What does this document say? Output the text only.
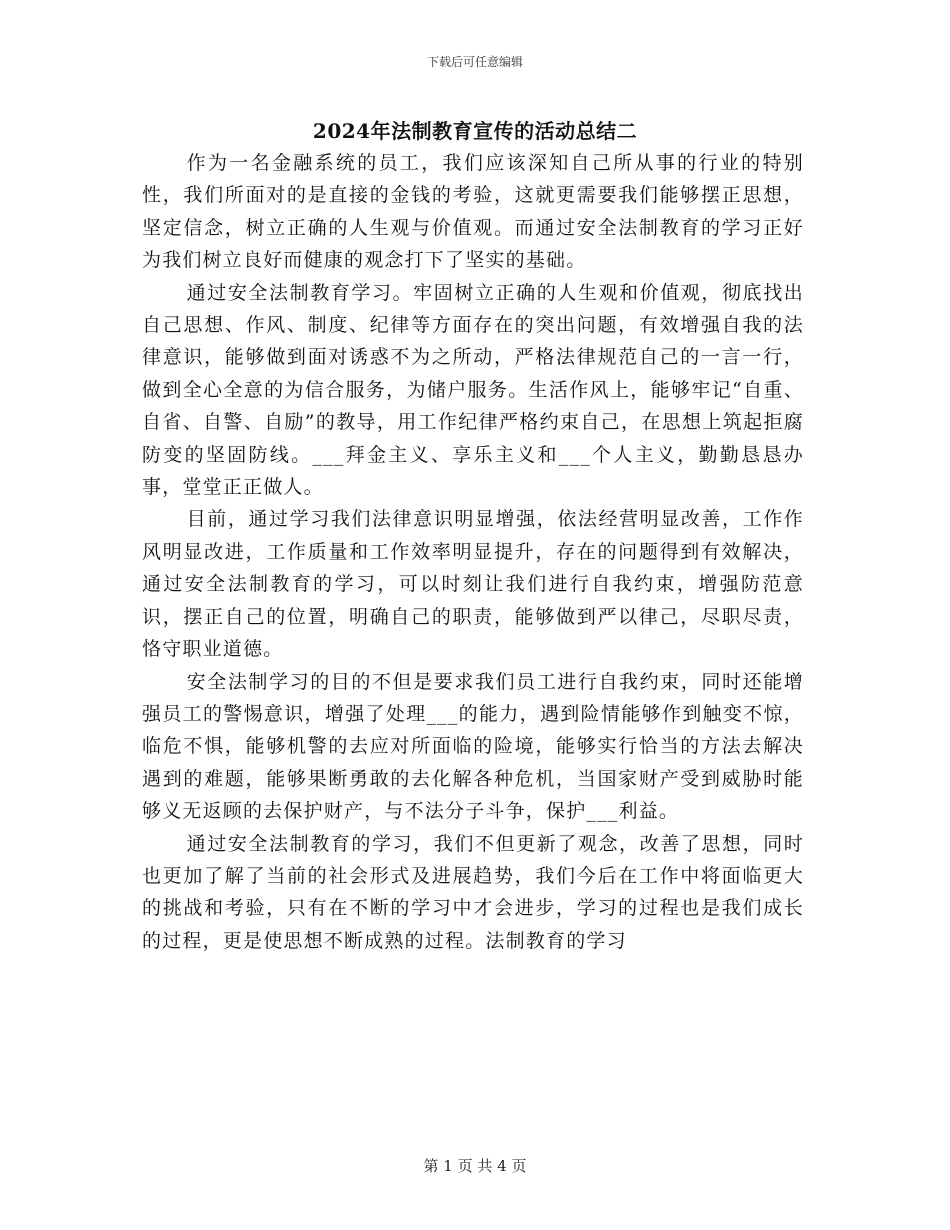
下载后可任意编辑
2024年法制教育宣传的活动总结二

作为一名金融系统的员工，我们应该深知自己所从事的行业的特别性，我们所面对的是直接的金钱的考验，这就更需要我们能够摆正思想，坚定信念，树立正确的人生观与价值观。而通过安全法制教育的学习正好为我们树立良好而健康的观念打下了坚实的基础。

通过安全法制教育学习。牢固树立正确的人生观和价值观，彻底找出自己思想、作风、制度、纪律等方面存在的突出问题，有效增强自我的法律意识，能够做到面对诱惑不为之所动，严格法律规范自己的一言一行，做到全心全意的为信合服务，为储户服务。生活作风上，能够牢记“自重、自省、自警、自励”的教导，用工作纪律严格约束自己，在思想上筑起拒腐防变的坚固防线。___拜金主义、享乐主义和___个人主义，勤勤恳恳办事，堂堂正正做人。

目前，通过学习我们法律意识明显增强，依法经营明显改善，工作作风明显改进，工作质量和工作效率明显提升，存在的问题得到有效解决，通过安全法制教育的学习，可以时刻让我们进行自我约束，增强防范意识，摆正自己的位置，明确自己的职责，能够做到严以律己，尽职尽责，恪守职业道德。

安全法制学习的目的不但是要求我们员工进行自我约束，同时还能增强员工的警惕意识，增强了处理___的能力，遇到险情能够作到触变不惊，临危不惧，能够机警的去应对所面临的险境，能够实行恰当的方法去解决遇到的难题，能够果断勇敢的去化解各种危机，当国家财产受到威胁时能够义无返顾的去保护财产，与不法分子斗争，保护___利益。

通过安全法制教育的学习，我们不但更新了观念，改善了思想，同时也更加了解了当前的社会形式及进展趋势，我们今后在工作中将面临更大的挑战和考验，只有在不断的学习中才会进步，学习的过程也是我们成长的过程，更是使思想不断成熟的过程。法制教育的学习

第 1 页 共 4 页
